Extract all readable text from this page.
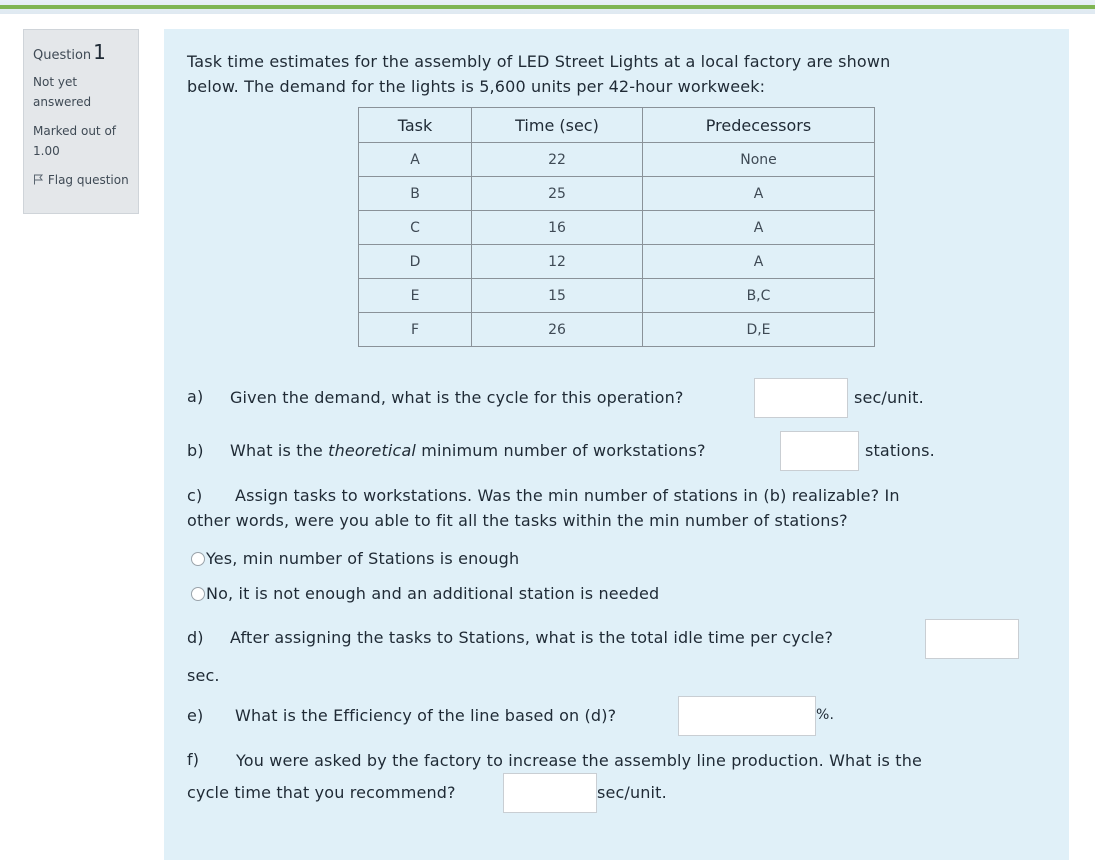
Question 1
Not yet answered
Marked out of 1.00
Flag question
Task time estimates for the assembly of LED Street Lights at a local factory are shown
below. The demand for the lights is 5,600 units per 42-hour workweek:
Task	Time (sec)	Predecessors
A	22	None
B	25	A
C	16	A
D	12	A
E	15	B,C
F	26	D,E
a) Given the demand, what is the cycle for this operation?	sec/unit.
b) What is the theoretical minimum number of workstations?	stations.
c) Assign tasks to workstations. Was the min number of stations in (b) realizable? In
other words, were you able to fit all the tasks within the min number of stations?
Yes, min number of Stations is enough
No, it is not enough and an additional station is needed
d) After assigning the tasks to Stations, what is the total idle time per cycle?
sec.
e) What is the Efficiency of the line based on (d)?	%.
f) You were asked by the factory to increase the assembly line production. What is the
cycle time that you recommend?	sec/unit.
